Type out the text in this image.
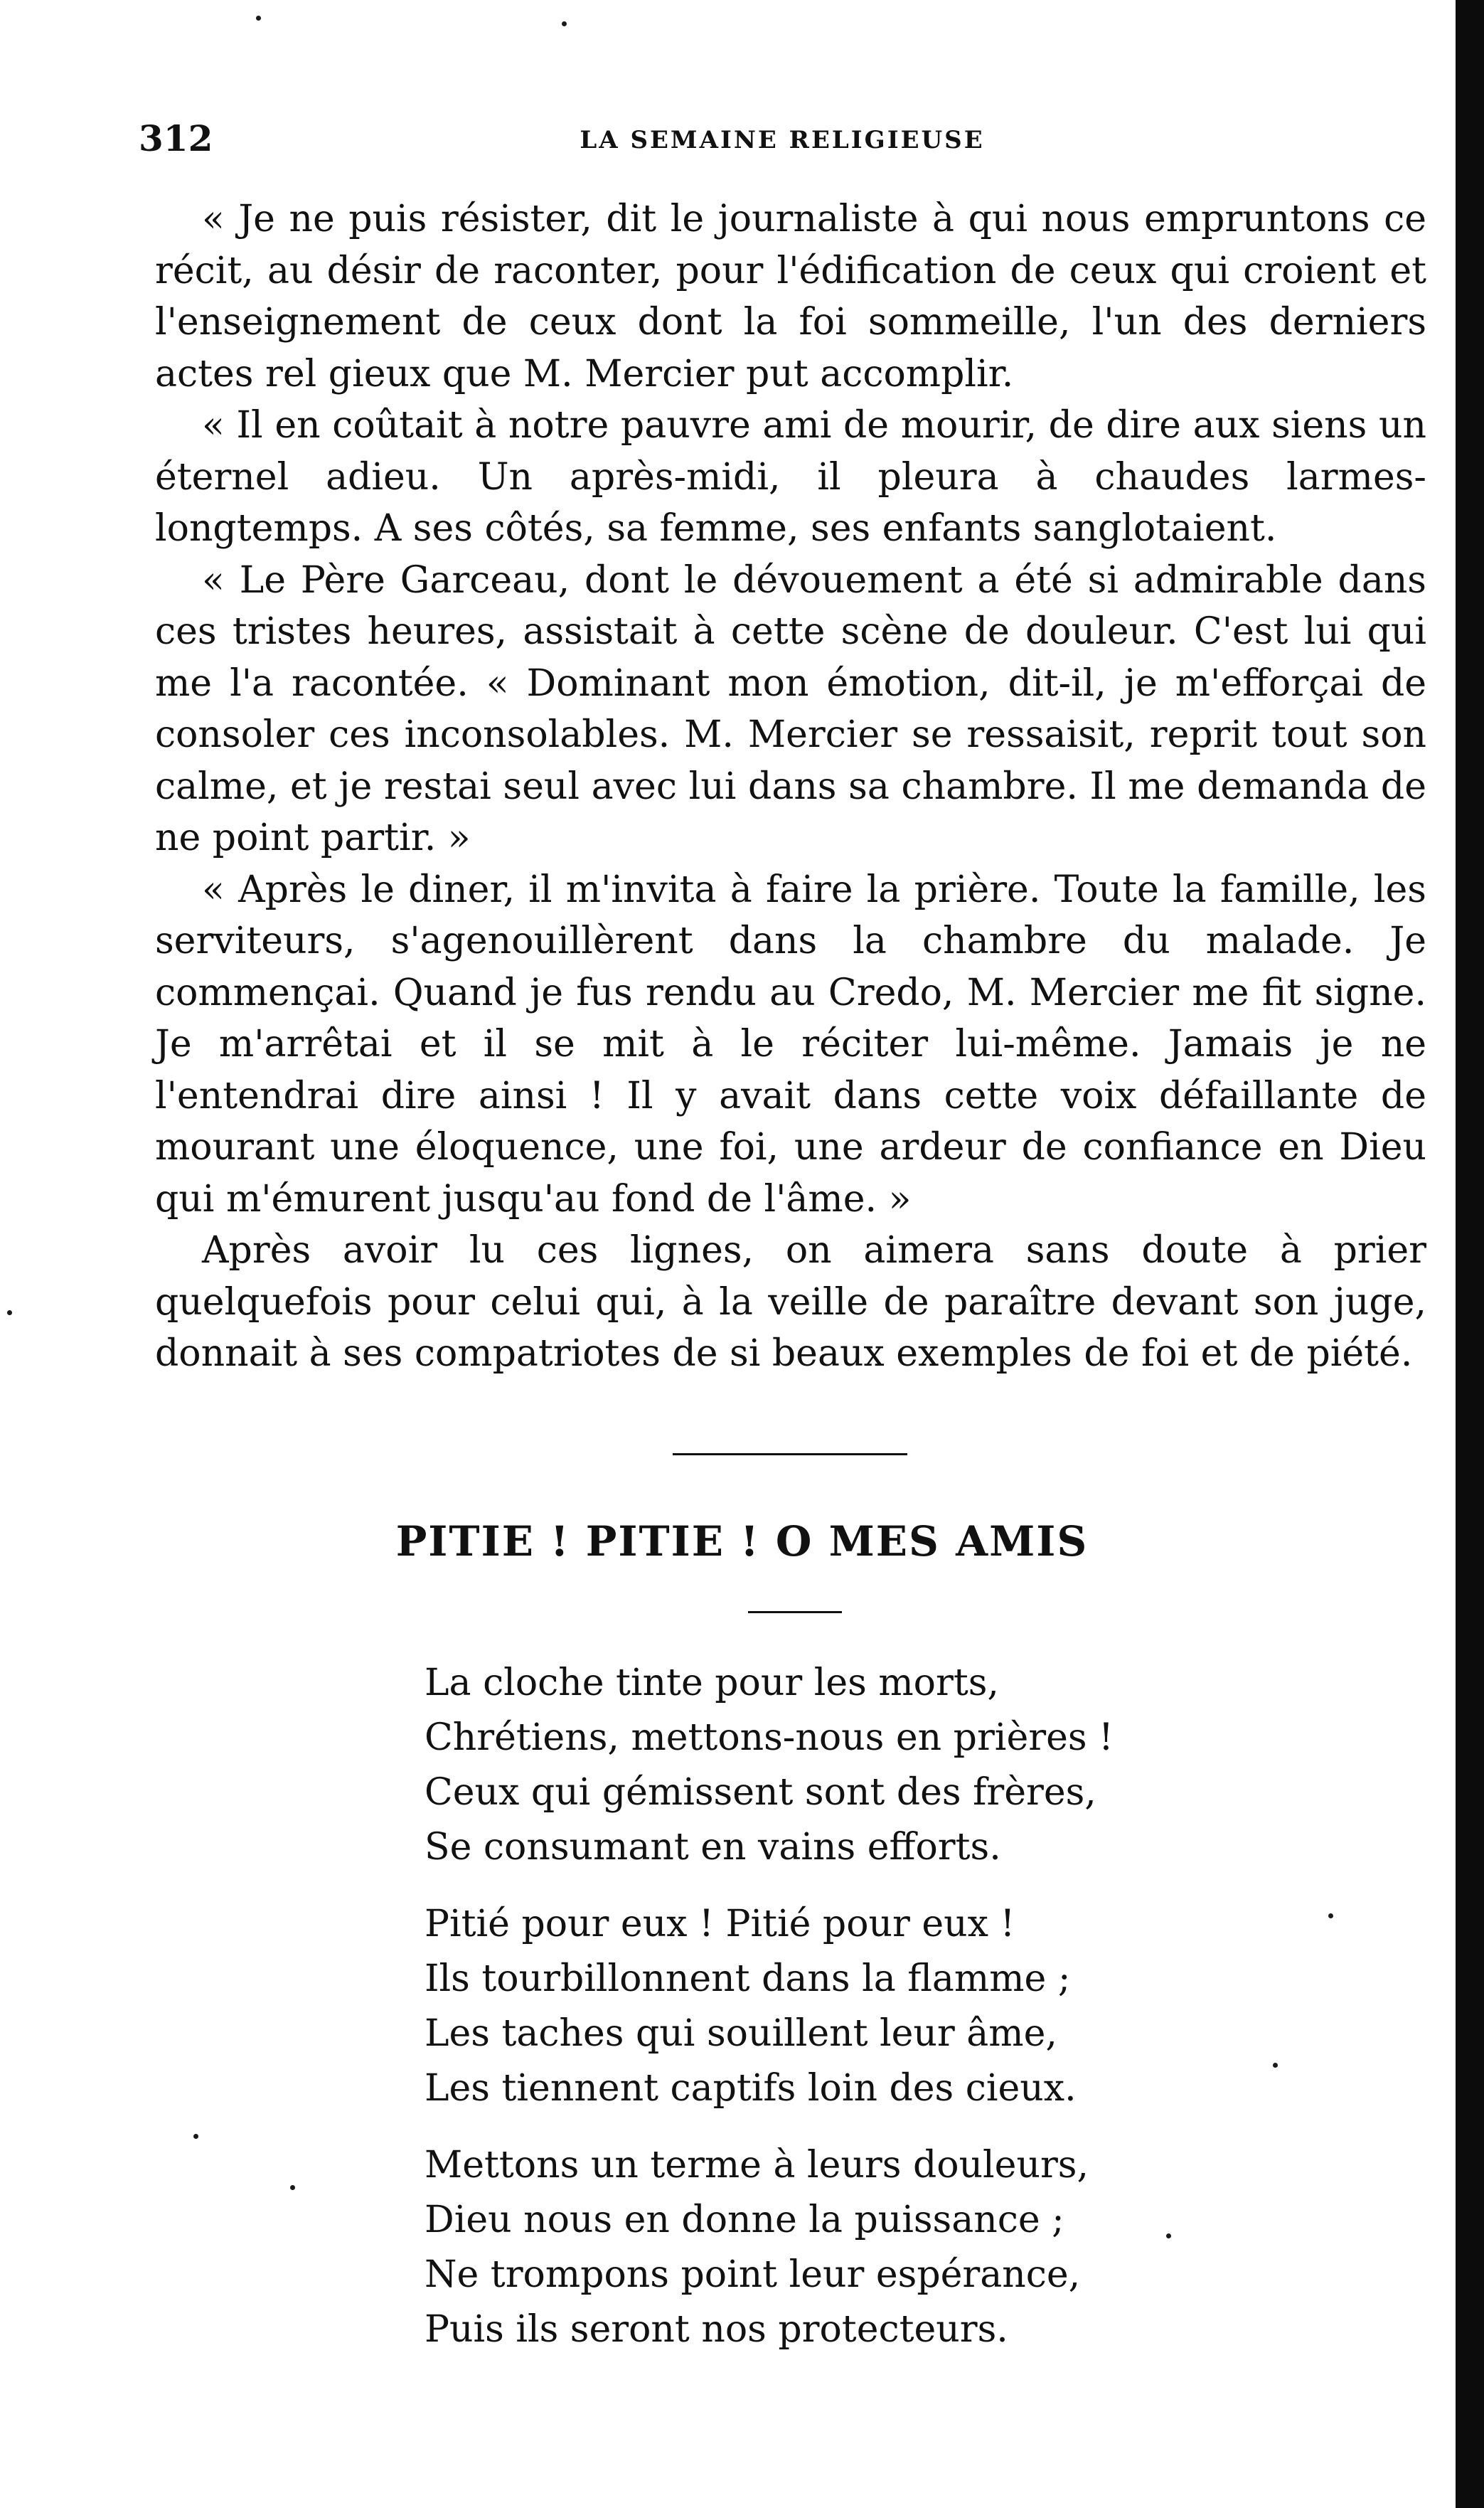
312	LA SEMAINE RELIGIEUSE

« Je ne puis résister, dit le journaliste à qui nous empruntons ce récit, au désir de raconter, pour l'édification de ceux qui croient et l'enseignement de ceux dont la foi sommeille, l'un des derniers actes rel gieux que M. Mercier put accomplir.

« Il en coûtait à notre pauvre ami de mourir, de dire aux siens un éternel adieu. Un après-midi, il pleura à chaudes larmes-longtemps. A ses côtés, sa femme, ses enfants sanglotaient.

« Le Père Garceau, dont le dévouement a été si admirable dans ces tristes heures, assistait à cette scène de douleur. C'est lui qui me l'a racontée. « Dominant mon émotion, dit-il, je m'efforçai de consoler ces inconsolables. M. Mercier se ressaisit, reprit tout son calme, et je restai seul avec lui dans sa chambre. Il me demanda de ne point partir. »

« Après le diner, il m'invita à faire la prière. Toute la famille, les serviteurs, s'agenouillèrent dans la chambre du malade. Je commençai. Quand je fus rendu au Credo, M. Mercier me fit signe. Je m'arrêtai et il se mit à le réciter lui-même. Jamais je ne l'entendrai dire ainsi ! Il y avait dans cette voix défaillante de mourant une éloquence, une foi, une ardeur de confiance en Dieu qui m'émurent jusqu'au fond de l'âme. »

Après avoir lu ces lignes, on aimera sans doute à prier quelquefois pour celui qui, à la veille de paraître devant son juge, donnait à ses compatriotes de si beaux exemples de foi et de piété.

PITIE ! PITIE ! O MES AMIS
La cloche tinte pour les morts,
Chrétiens, mettons-nous en prières !
Ceux qui gémissent sont des frères,
Se consumant en vains efforts.
Pitié pour eux ! Pitié pour eux !
Ils tourbillonnent dans la flamme ;
Les taches qui souillent leur âme,
Les tiennent captifs loin des cieux.
Mettons un terme à leurs douleurs,
Dieu nous en donne la puissance ;
Ne trompons point leur espérance,
Puis ils seront nos protecteurs.
